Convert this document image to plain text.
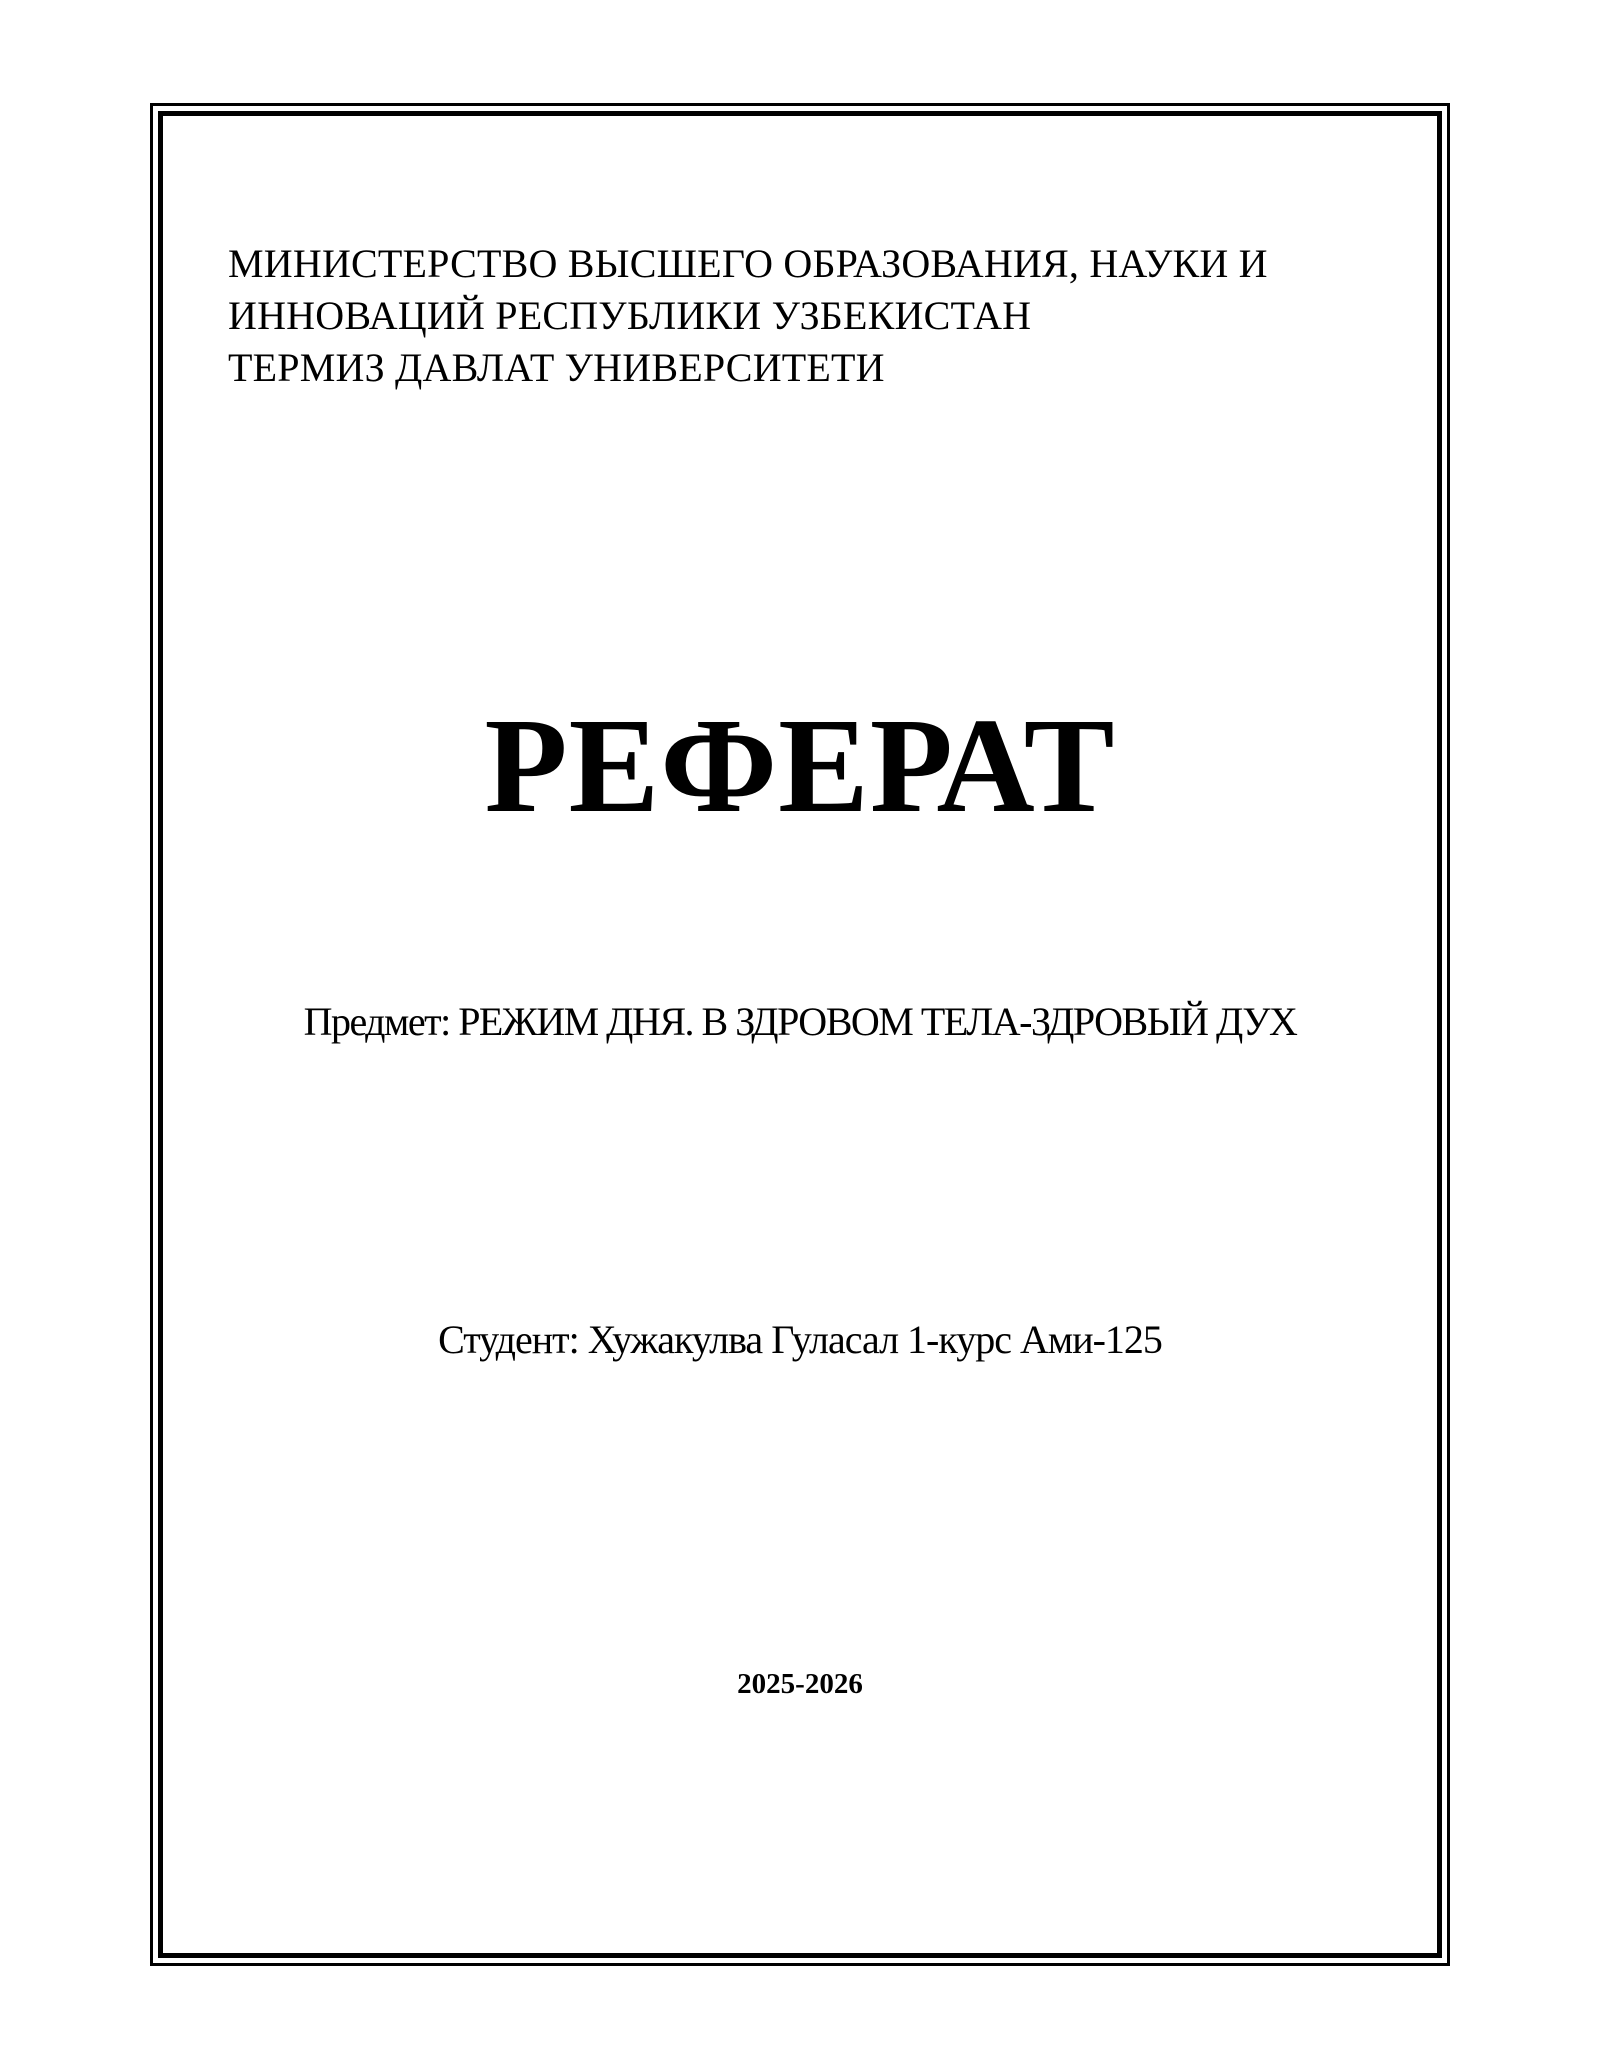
МИНИСТЕРСТВО ВЫСШЕГО ОБРАЗОВАНИЯ, НАУКИ И
ИННОВАЦИЙ РЕСПУБЛИКИ УЗБЕКИСТАН
ТЕРМИЗ ДАВЛАТ УНИВЕРСИТЕТИ
РЕФЕРАТ
Предмет: РЕЖИМ ДНЯ. В ЗДРОВОМ ТЕЛА-ЗДРОВЫЙ ДУХ
Студент: Хужакулва Гуласал 1-курс Ами-125
2025-2026
